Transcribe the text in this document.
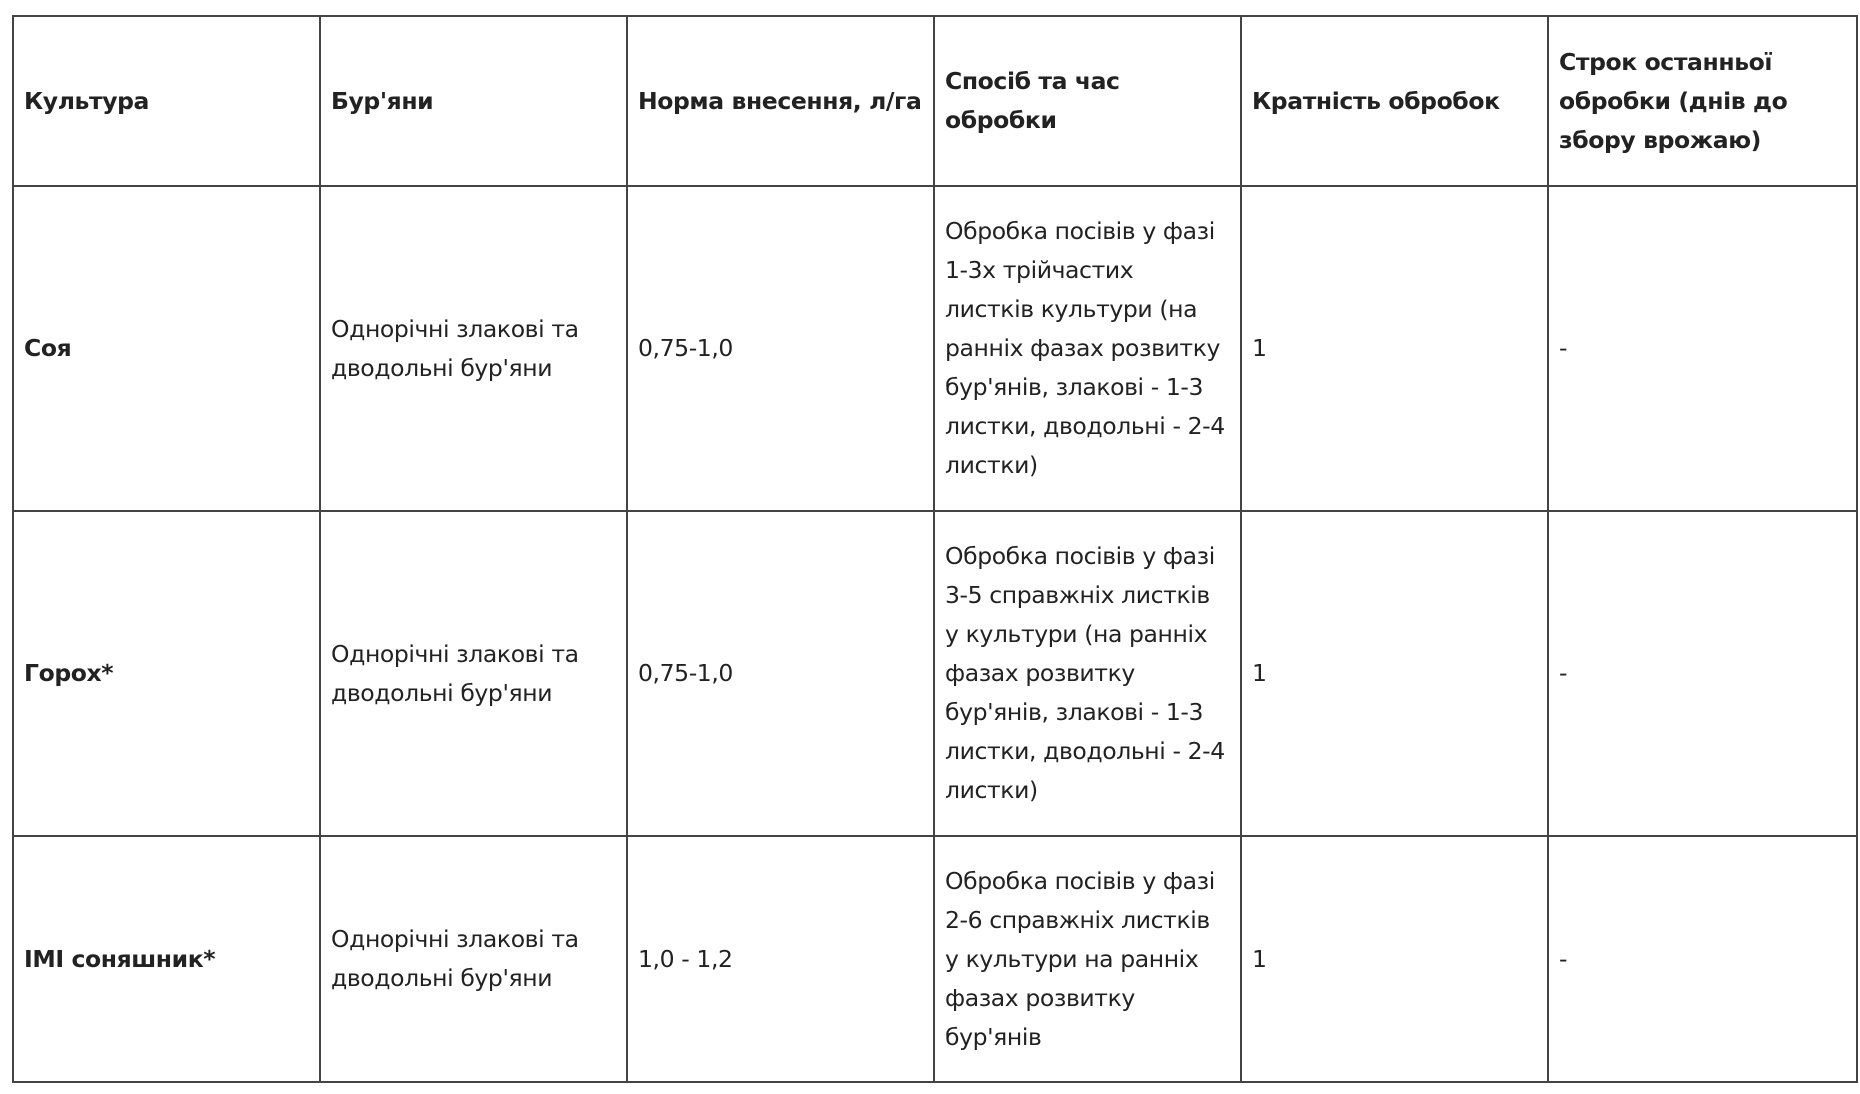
Культура	Бур'яни	Норма внесення, л/га	Спосіб та час обробки	Кратність обробок	Строк останньої обробки (днів до збору врожаю)
Соя	Однорічні злакові та дводольні бур'яни	0,75-1,0	Обробка посівів у фазі 1-3х трійчастих листків культури (на ранніх фазах розвитку бур'янів, злакові - 1-3 листки, дводольні - 2-4 листки)	1	-
Горох*	Однорічні злакові та дводольні бур'яни	0,75-1,0	Обробка посівів у фазі 3-5 справжніх листків у культури (на ранніх фазах розвитку бур'янів, злакові - 1-3 листки, дводольні - 2-4 листки)	1	-
IMI соняшник*	Однорічні злакові та дводольні бур'яни	1,0 - 1,2	Обробка посівів у фазі 2-6 справжніх листків у культури на ранніх фазах розвитку бур'янів	1	-
